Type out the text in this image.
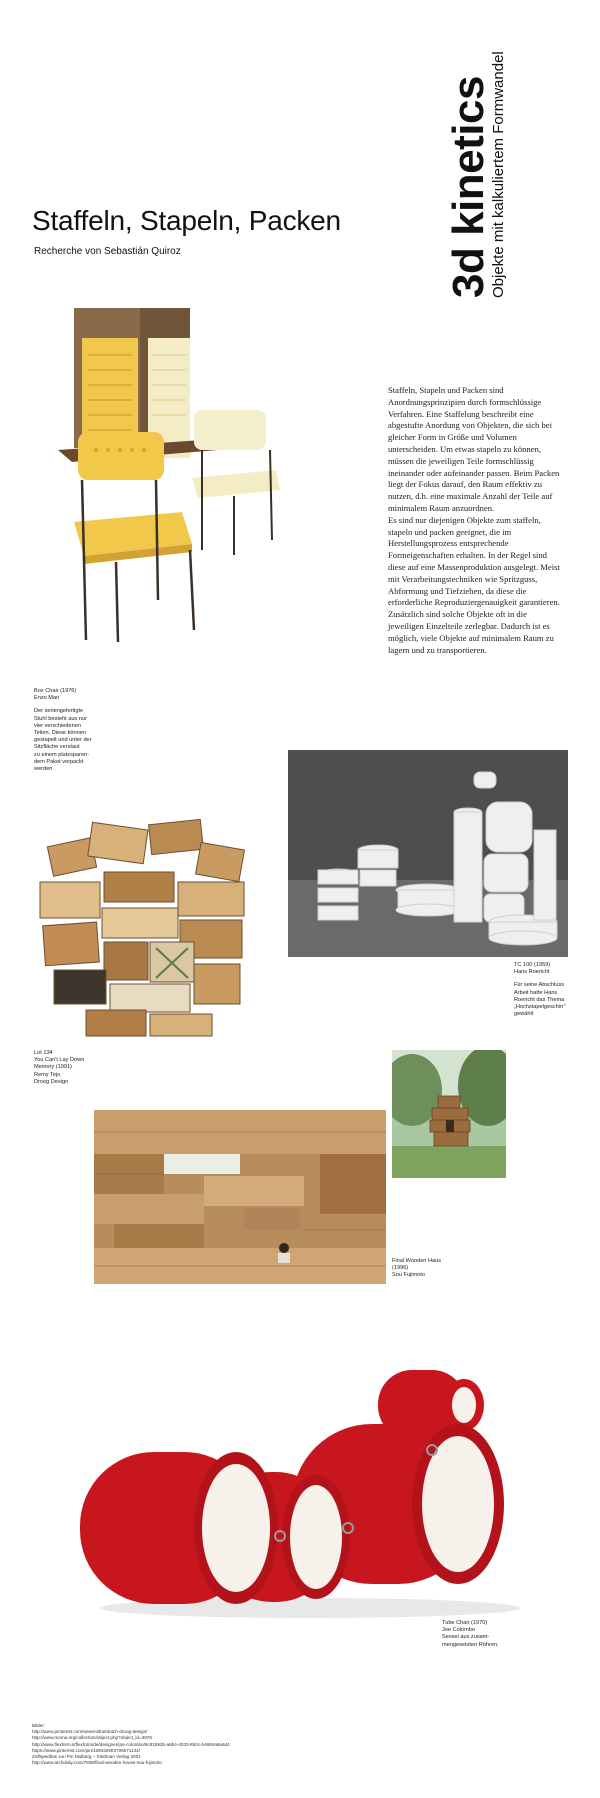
3d kinetics
Objekte mit kalkuliertem Formwandel
Staffeln, Stapeln, Packen
Recherche von Sebastián Quiroz

Staffeln, Stapeln und Packen sind Anordnungsprinzipien durch formschlüssige Verfahren. Eine Staffelung beschreibt eine abgestufte Anordung von Objekten, die sich bei gleicher Form in Größe und Volumen unterscheiden. Um etwas stapeln zu können, müssen die jeweiligen Teile formschlüssig ineinander oder aufeinander passen. Beim Packen liegt der Fokus darauf, den Raum effektiv zu nutzen, d.h. eine maximale Anzahl der Teile auf minimalem Raum anzuordnen.

Es sind nur diejenigen Objekte zum staffeln, stapeln und packen geeignet, die im Herstellungsprozess entsprechende Formeigenschaften erhalten. In der Regel sind diese auf eine Massenproduktion ausgelegt. Meist mit Verarbeitungstechniken wie Spritzguss, Abformung und Tiefziehen, da diese die erforderliche Reproduziergenauigkeit garantieren. Zusätzlich sind solche Objekte oft in die jeweiligen Einzelteile zerlegbar. Dadurch ist es möglich, viele Objekte auf minimalem Raum zu lagern und zu transportieren.

Box Chair (1976)
Enzo Mari
Der seriengefertigte
Stuhl besteht aus nur
vier verschiedenen
Teilen. Diese können
gestapelt und unter der
Sitzfläche verstaut
zu einem platzsparen-
dem Paket verpackt
werden
TC 100 (1959)
Hans Roericht
Für seine Abschluss
Arbeit hatte Hans
Roericht das Thema
„Hochstapelgeschirr“
gewählt
Lot 134
You Can't Lay Down
Memory (1991)
Remy Tejo
Droog Design
Final Wooden Haus
(1996)
Sou Fujimoto
Tube Chair (1970)
Joe Colombo
Sessel aus zusam-
mengesetzten Röhren.
Bilder:
http://www.pinterest.com/sewenidne/dutch-droog-design/
http://www.moma.org/collection/object.php?object_id=3676
http://www.flexform.it/flexform/de/designer/joe-colombo/6c81593b-a6b4-4033-8b0c-b4694a6a6d4
https://www.pinterest.com/pin/109432903706571134/
Zoffspeditos von Pin Mulberg – Stedman Verlag 2001
http://www.archdaily.com/7836/final-wooden-house-sou-fujimoto
